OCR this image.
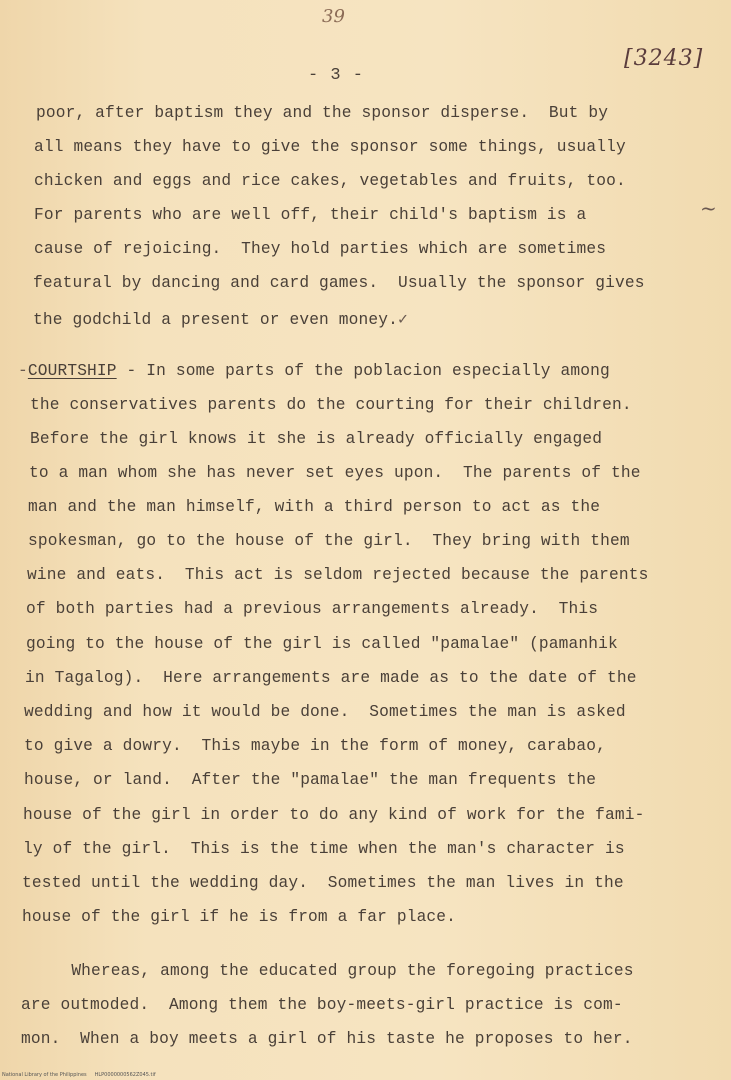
39
- 3 -
[3243]
~
poor, after baptism they and the sponsor disperse.  But by
all means they have to give the sponsor some things, usually
chicken and eggs and rice cakes, vegetables and fruits, too.
For parents who are well off, their child's baptism is a
cause of rejoicing.  They hold parties which are sometimes
featural by dancing and card games.  Usually the sponsor gives
the godchild a present or even money.✓
-COURTSHIP - In some parts of the poblacion especially among
the conservatives parents do the courting for their children.
Before the girl knows it she is already officially engaged
to a man whom she has never set eyes upon.  The parents of the
man and the man himself, with a third person to act as the
spokesman, go to the house of the girl.  They bring with them
wine and eats.  This act is seldom rejected because the parents
of both parties had a previous arrangements already.  This
going to the house of the girl is called "pamalae" (pamanhik
in Tagalog).  Here arrangements are made as to the date of the
wedding and how it would be done.  Sometimes the man is asked
to give a dowry.  This maybe in the form of money, carabao,
house, or land.  After the "pamalae" the man frequents the
house of the girl in order to do any kind of work for the fami-
ly of the girl.  This is the time when the man's character is
tested until the wedding day.  Sometimes the man lives in the
house of the girl if he is from a far place.
Whereas, among the educated group the foregoing practices
are outmoded.  Among them the boy-meets-girl practice is com-
mon.  When a boy meets a girl of his taste he proposes to her.
National Library of the Philippines     HLP0000000562Z045.tif
